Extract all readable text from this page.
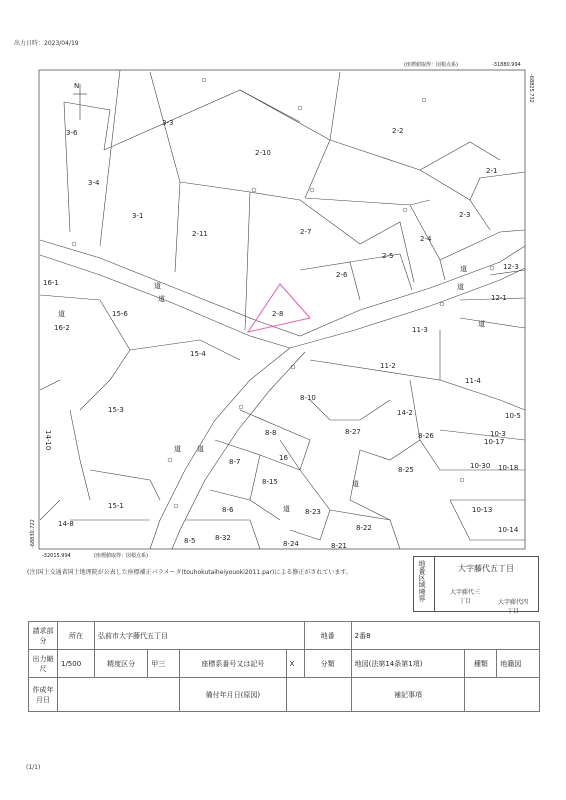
出力日時：2023/04/19
(座標値取得：図根点系)	-31880.994
-68825.732
-68830.722
-32015.994	(座標値取得：図根点系)
N
3-3
2-2
3-6
2-10
3-4
2-1
3-1
2-11	2-7
2-3
2-4
2-5
2-6
12-3
16-1
12-1
15-6	2-8
16-2	11-3
15-4
11-2
11-4
8-10
15-3	14-2	10-5
8-27	8-26
14-10	8-8
10-17
10-3
8-7
8-25	10-30 10-18
8-15
8-6	8-23
8-22
10-13
15-1
14-8
10-14
8-5	8-32
8-24	8-21
16
道
道
道
道
道
道
道 道
道
道
(注)国土交通省国土地理院が公表した座標補正パラメータ(touhokutaiheiyouoki2011.par)による修正がされています。	地番区域境界	大字藤代五丁目
大字藤代三丁目	大字藤代四丁目
請求部分	所在	弘前市大字藤代五丁目				地番	2番8		
出力縮尺	1/500	精度区分	甲三	座標系番号又は記号	X	分類	地図(法第14条第1項)	種類	地籍図
作成年月日				備付年月日(原図)			補記事項		
(1/1)
